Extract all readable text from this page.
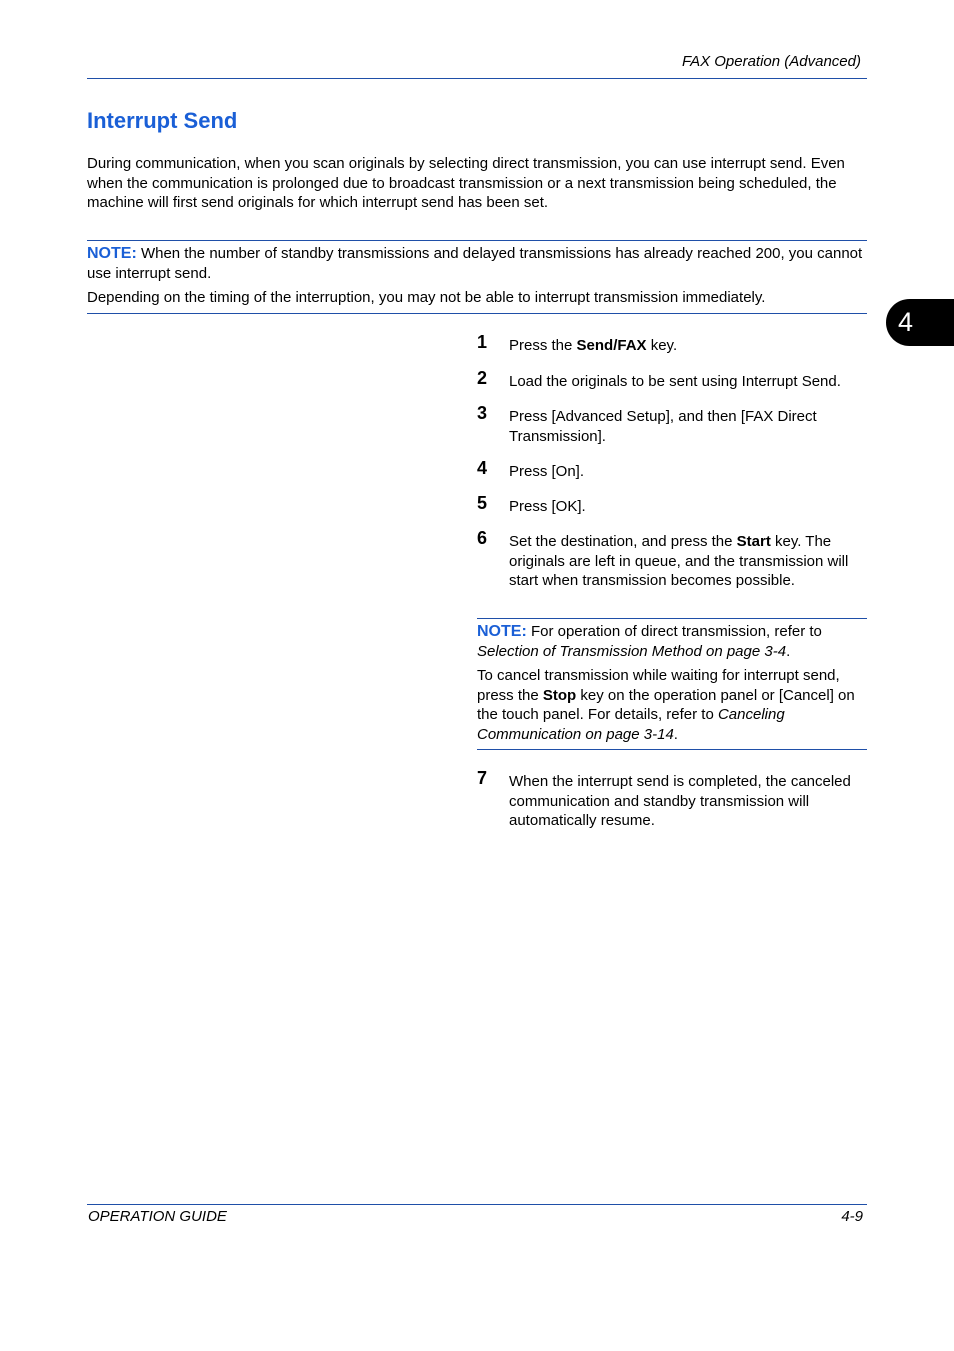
FAX Operation (Advanced)
4
Interrupt Send

During communication, when you scan originals by selecting direct transmission, you can use interrupt send. Even when the communication is prolonged due to broadcast transmission or a next transmission being scheduled, the machine will first send originals for which interrupt send has been set.

NOTE: When the number of standby transmissions and delayed transmissions has already reached 200, you cannot use interrupt send.

Depending on the timing of the interruption, you may not be able to interrupt transmission immediately.

1 Press the Send/FAX key.
2 Load the originals to be sent using Interrupt Send.
3 Press [Advanced Setup], and then [FAX Direct Transmission].
4 Press [On].
5 Press [OK].
6 Set the destination, and press the Start key. The originals are left in queue, and the transmission will start when transmission becomes possible.

NOTE: For operation of direct transmission, refer to Selection of Transmission Method on page 3-4.

To cancel transmission while waiting for interrupt send, press the Stop key on the operation panel or [Cancel] on the touch panel. For details, refer to Canceling Communication on page 3-14.

7 When the interrupt send is completed, the canceled communication and standby transmission will automatically resume.
OPERATION GUIDE	4-9
